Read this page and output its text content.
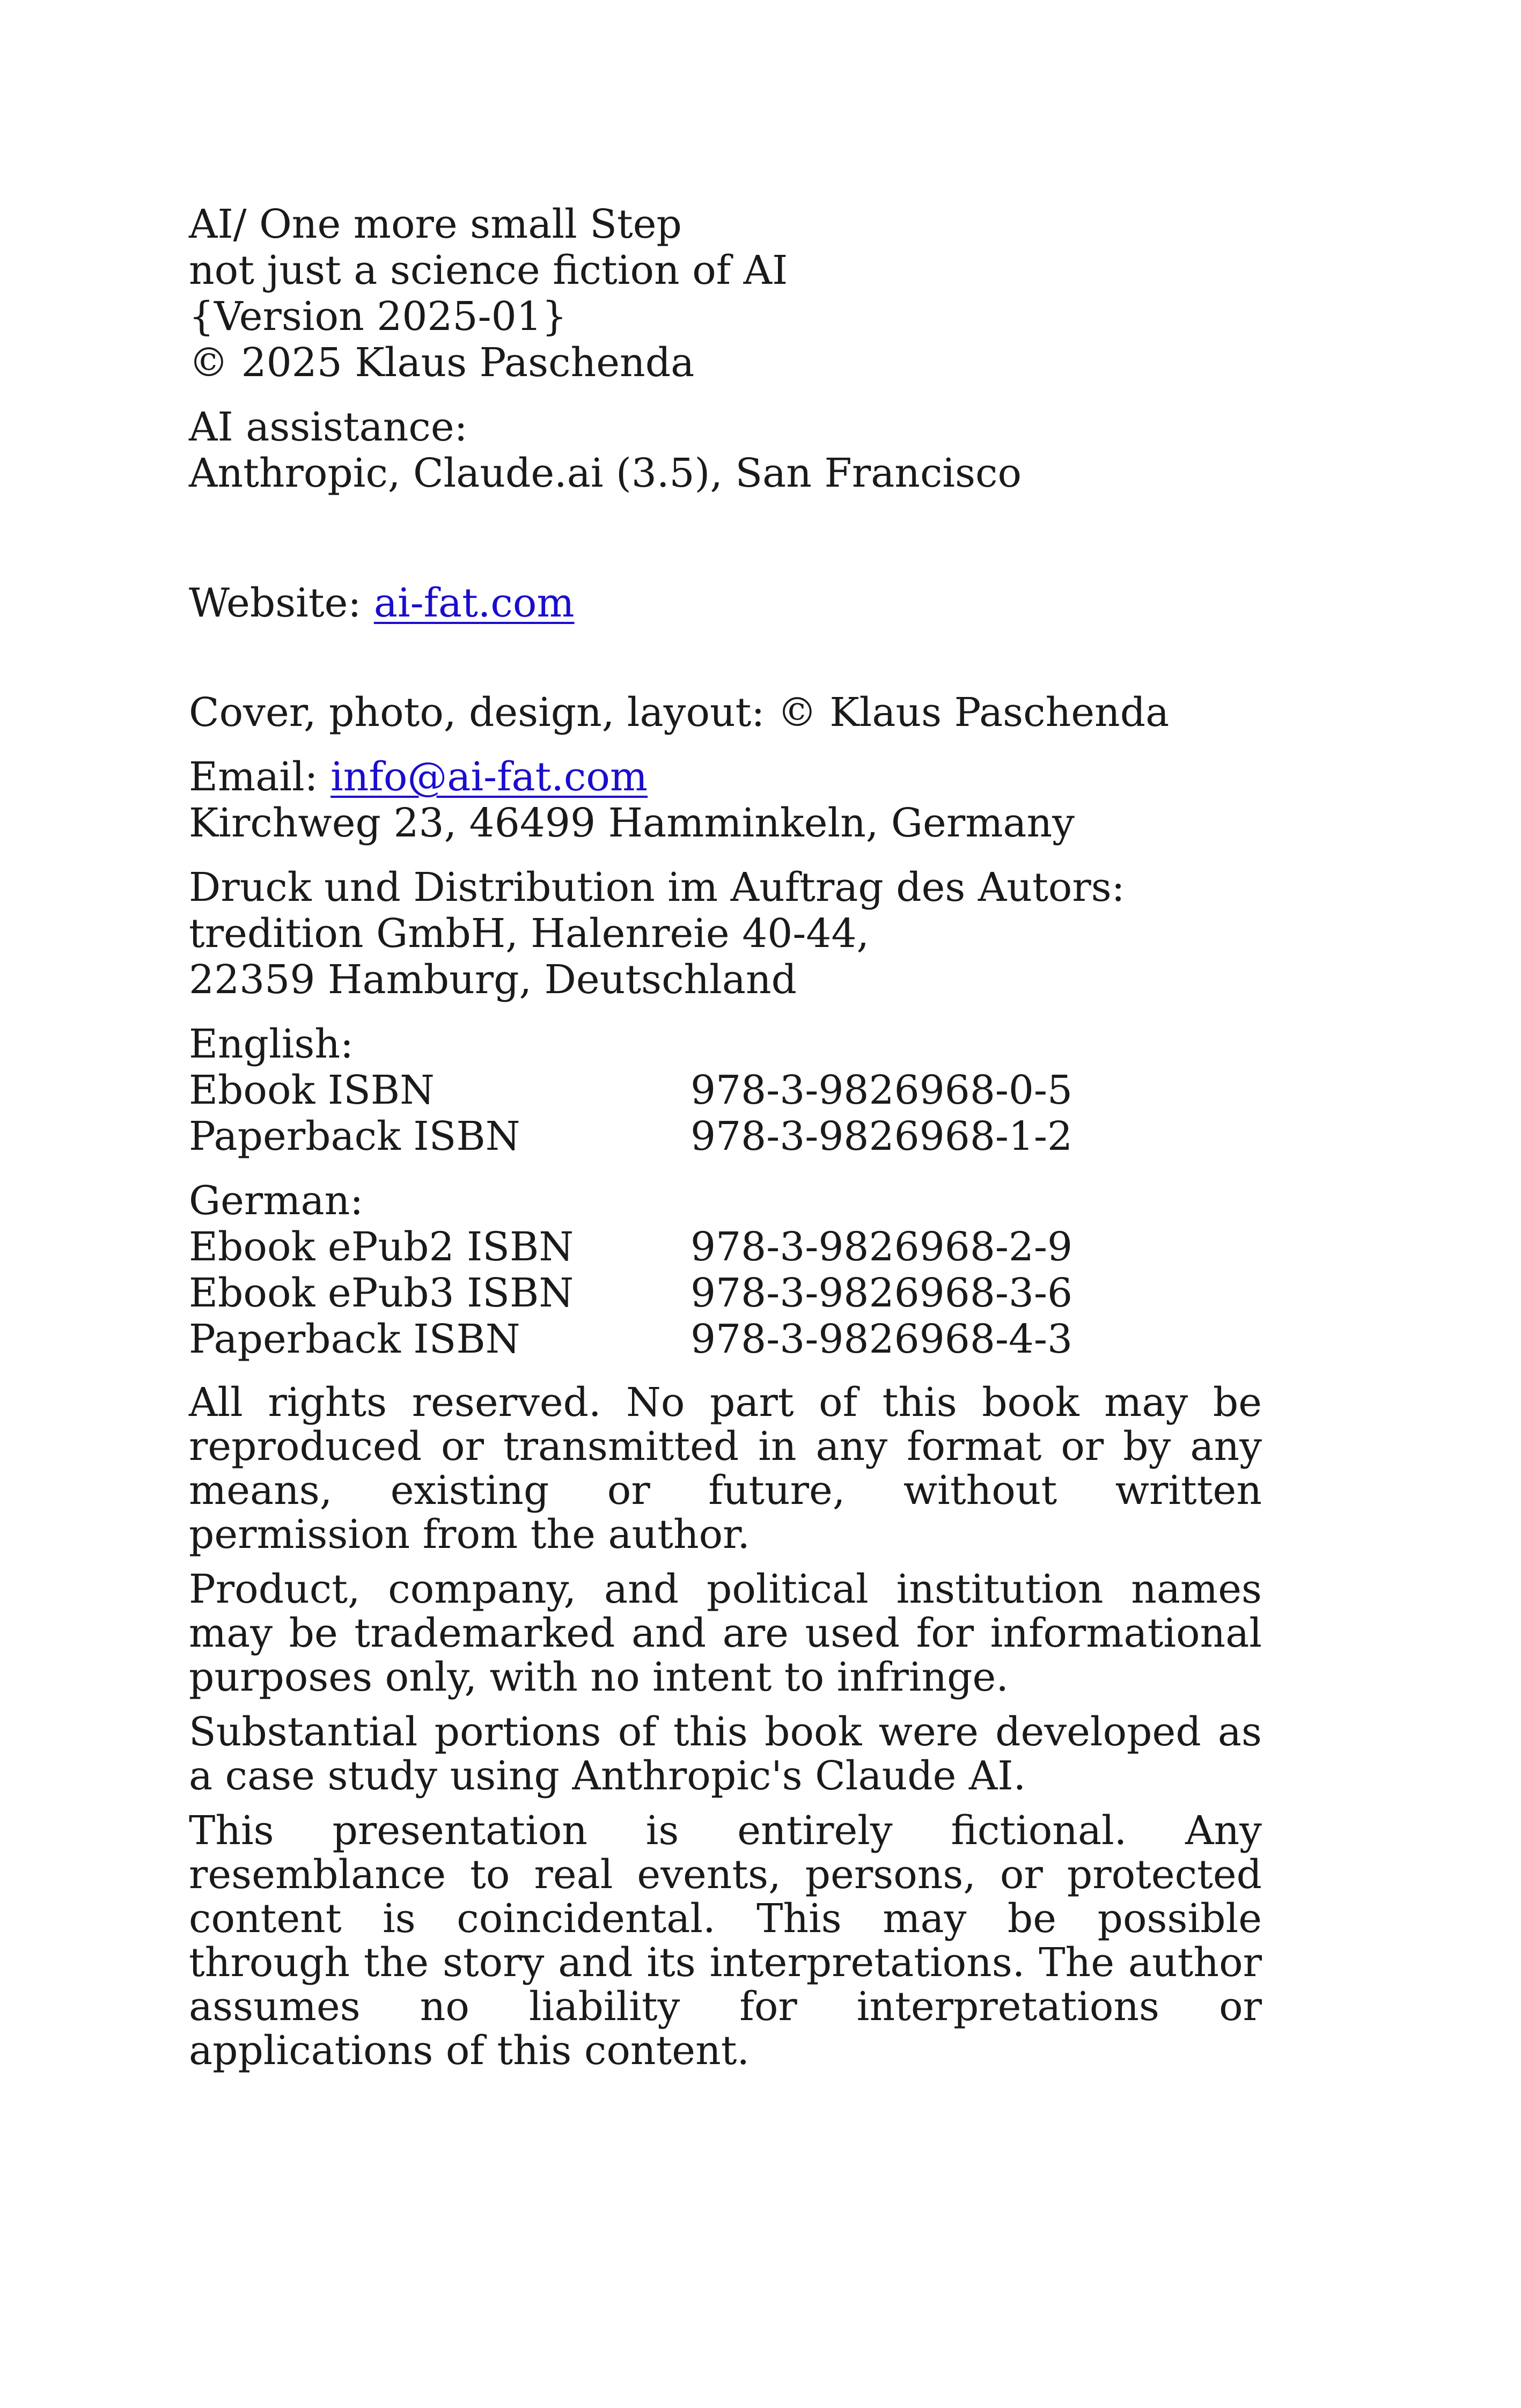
AI/ One more small Step
not just a science fiction of AI
{Version 2025-01}
© 2025 Klaus Paschenda
AI assistance:
Anthropic, Claude.ai (3.5), San Francisco
Website: ai-fat.com
Cover, photo, design, layout: © Klaus Paschenda
Email: info@ai-fat.com
Kirchweg 23, 46499 Hamminkeln, Germany
Druck und Distribution im Auftrag des Autors:
tredition GmbH, Halenreie 40-44,
22359 Hamburg, Deutschland
English:
Ebook ISBN	978-3-9826968-0-5
Paperback ISBN	978-3-9826968-1-2
German:
Ebook ePub2 ISBN	978-3-9826968-2-9
Ebook ePub3 ISBN	978-3-9826968-3-6
Paperback ISBN	978-3-9826968-4-3
All rights reserved. No part of this book may be reproduced or transmitted in any format or by any means, existing or future, without written permission from the author.
Product, company, and political institution names may be trademarked and are used for informational purposes only, with no intent to infringe.
Substantial portions of this book were developed as a case study using Anthropic's Claude AI.
This presentation is entirely fictional. Any resemblance to real events, persons, or protected content is coincidental. This may be possible through the story and its interpretations. The author assumes no liability for interpretations or applications of this content.
